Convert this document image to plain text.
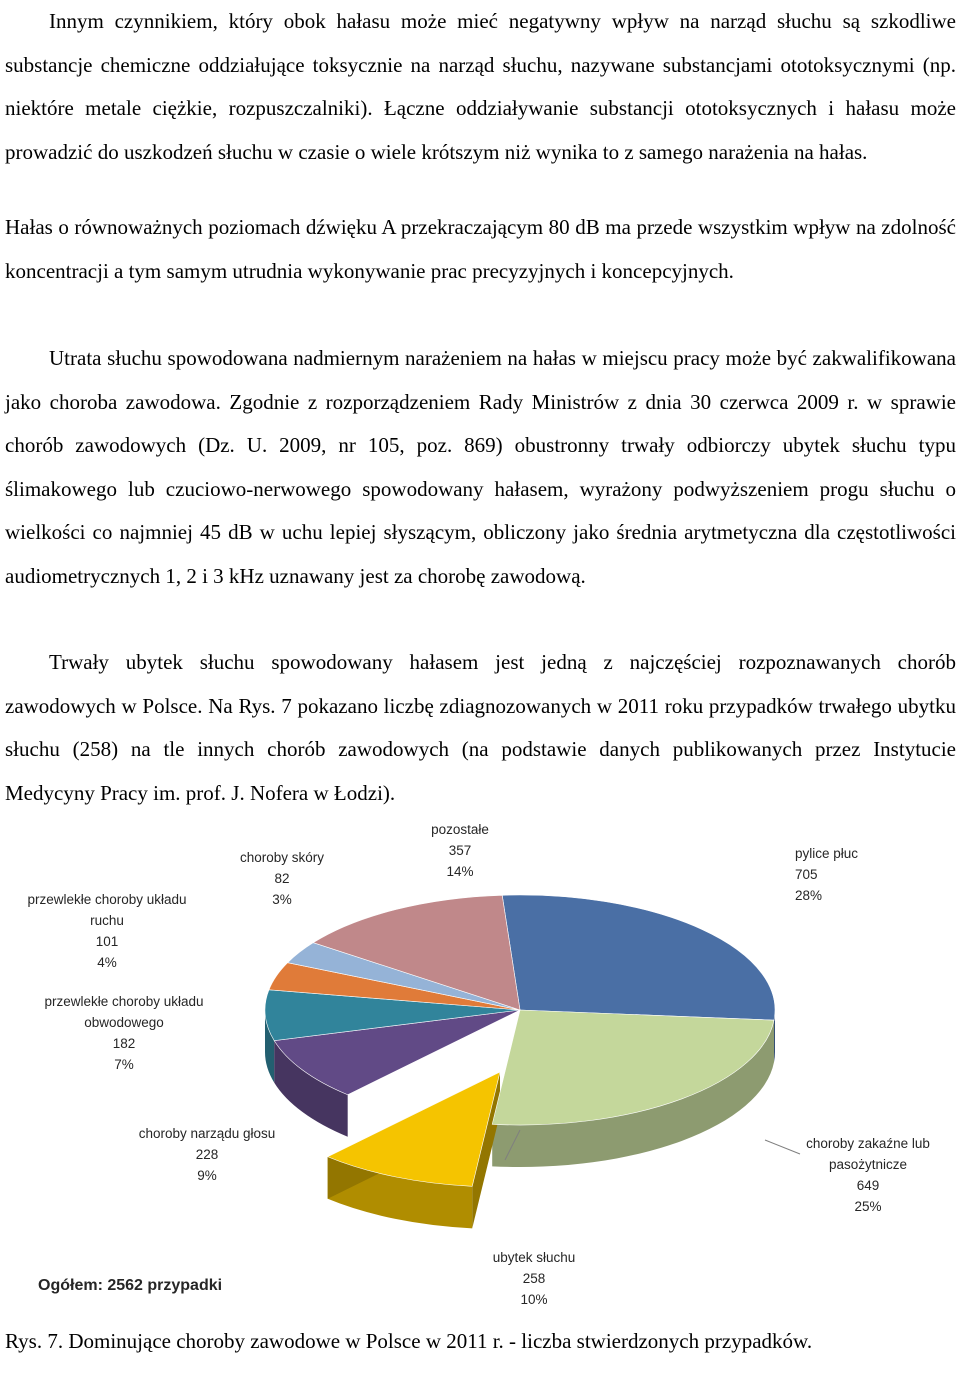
Innym czynnikiem, który obok hałasu może mieć negatywny wpływ na narząd słuchu są szkodliwe substancje chemiczne oddziałujące toksycznie na narząd słuchu, nazywane substancjami ototoksycznymi (np. niektóre metale ciężkie, rozpuszczalniki). Łączne oddziaływanie substancji ototoksycznych i hałasu może prowadzić do uszkodzeń słuchu w czasie o wiele krótszym niż wynika to z samego narażenia na hałas.

Hałas o równoważnych poziomach dźwięku A przekraczającym 80 dB ma przede wszystkim wpływ na zdolność koncentracji a tym samym utrudnia wykonywanie prac precyzyjnych i koncepcyjnych.

Utrata słuchu spowodowana nadmiernym narażeniem na hałas w miejscu pracy może być zakwalifikowana jako choroba zawodowa. Zgodnie z rozporządzeniem Rady Ministrów z dnia 30 czerwca 2009 r. w sprawie chorób zawodowych (Dz. U. 2009, nr 105, poz. 869) obustronny trwały odbiorczy ubytek słuchu typu ślimakowego lub czuciowo-nerwowego spowodowany hałasem, wyrażony podwyższeniem progu słuchu o wielkości co najmniej 45 dB w uchu lepiej słyszącym, obliczony jako średnia arytmetyczna dla częstotliwości audiometrycznych 1, 2 i 3 kHz uznawany jest za chorobę zawodową.

Trwały ubytek słuchu spowodowany hałasem jest jedną z najczęściej rozpoznawanych chorób zawodowych w Polsce. Na Rys. 7 pokazano liczbę zdiagnozowanych w 2011 roku przypadków trwałego ubytku słuchu (258) na tle innych chorób zawodowych (na podstawie danych publikowanych przez Instytucie Medycyny Pracy im. prof. J. Nofera w Łodzi).

pylice płuc 705 28%
choroby zakaźne lub pasożytnicze 649 25%
ubytek słuchu 258 10%
choroby narządu głosu 228 9%
przewlekłe choroby układu obwodowego 182 7%
przewlekłe choroby układu ruchu 101 4%
choroby skóry 82 3%
pozostałe 357 14%
Ogółem: 2562 przypadki

Rys. 7. Dominujące choroby zawodowe w Polsce w 2011 r. - liczba stwierdzonych przypadków.
